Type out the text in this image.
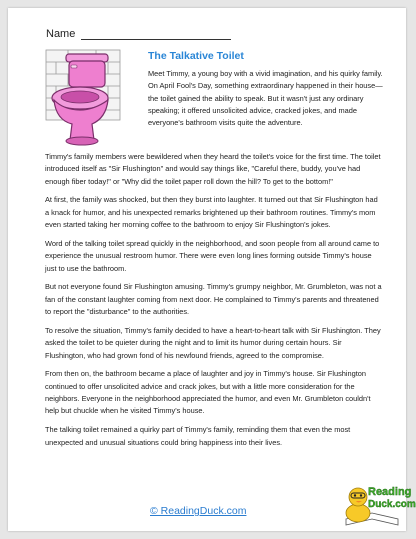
Name
The Talkative Toilet

Meet Timmy, a young boy with a vivid imagination, and his quirky family. On April Fool's Day, something extraordinary happened in their house—the toilet gained the ability to speak. But it wasn't just any ordinary speaking; it offered unsolicited advice, cracked jokes, and made everyone's bathroom visits quite the adventure.

Timmy's family members were bewildered when they heard the toilet's voice for the first time. The toilet introduced itself as "Sir Flushington" and would say things like, "Careful there, buddy, you've had enough fiber today!" or "Why did the toilet paper roll down the hill? To get to the bottom!"

At first, the family was shocked, but then they burst into laughter. It turned out that Sir Flushington had a knack for humor, and his unexpected remarks brightened up their bathroom routines. Timmy's mom even started taking her morning coffee to the bathroom to enjoy Sir Flushington's jokes.

Word of the talking toilet spread quickly in the neighborhood, and soon people from all around came to experience the unusual restroom humor. There were even long lines forming outside Timmy's house just to use the bathroom.

But not everyone found Sir Flushington amusing. Timmy's grumpy neighbor, Mr. Grumbleton, was not a fan of the constant laughter coming from next door. He complained to Timmy's parents and threatened to report the "disturbance" to the authorities.

To resolve the situation, Timmy's family decided to have a heart-to-heart talk with Sir Flushington. They asked the toilet to be quieter during the night and to limit its humor during certain hours. Sir Flushington, who had grown fond of his newfound friends, agreed to the compromise.

From then on, the bathroom became a place of laughter and joy in Timmy's house. Sir Flushington continued to offer unsolicited advice and crack jokes, but with a little more consideration for the neighbors. Everyone in the neighborhood appreciated the humor, and even Mr. Grumbleton couldn't help but chuckle when he visited Timmy's house.

The talking toilet remained a quirky part of Timmy's family, reminding them that even the most unexpected and unusual situations could bring happiness into their lives.

© ReadingDuck.com
Reading
Duck.com
